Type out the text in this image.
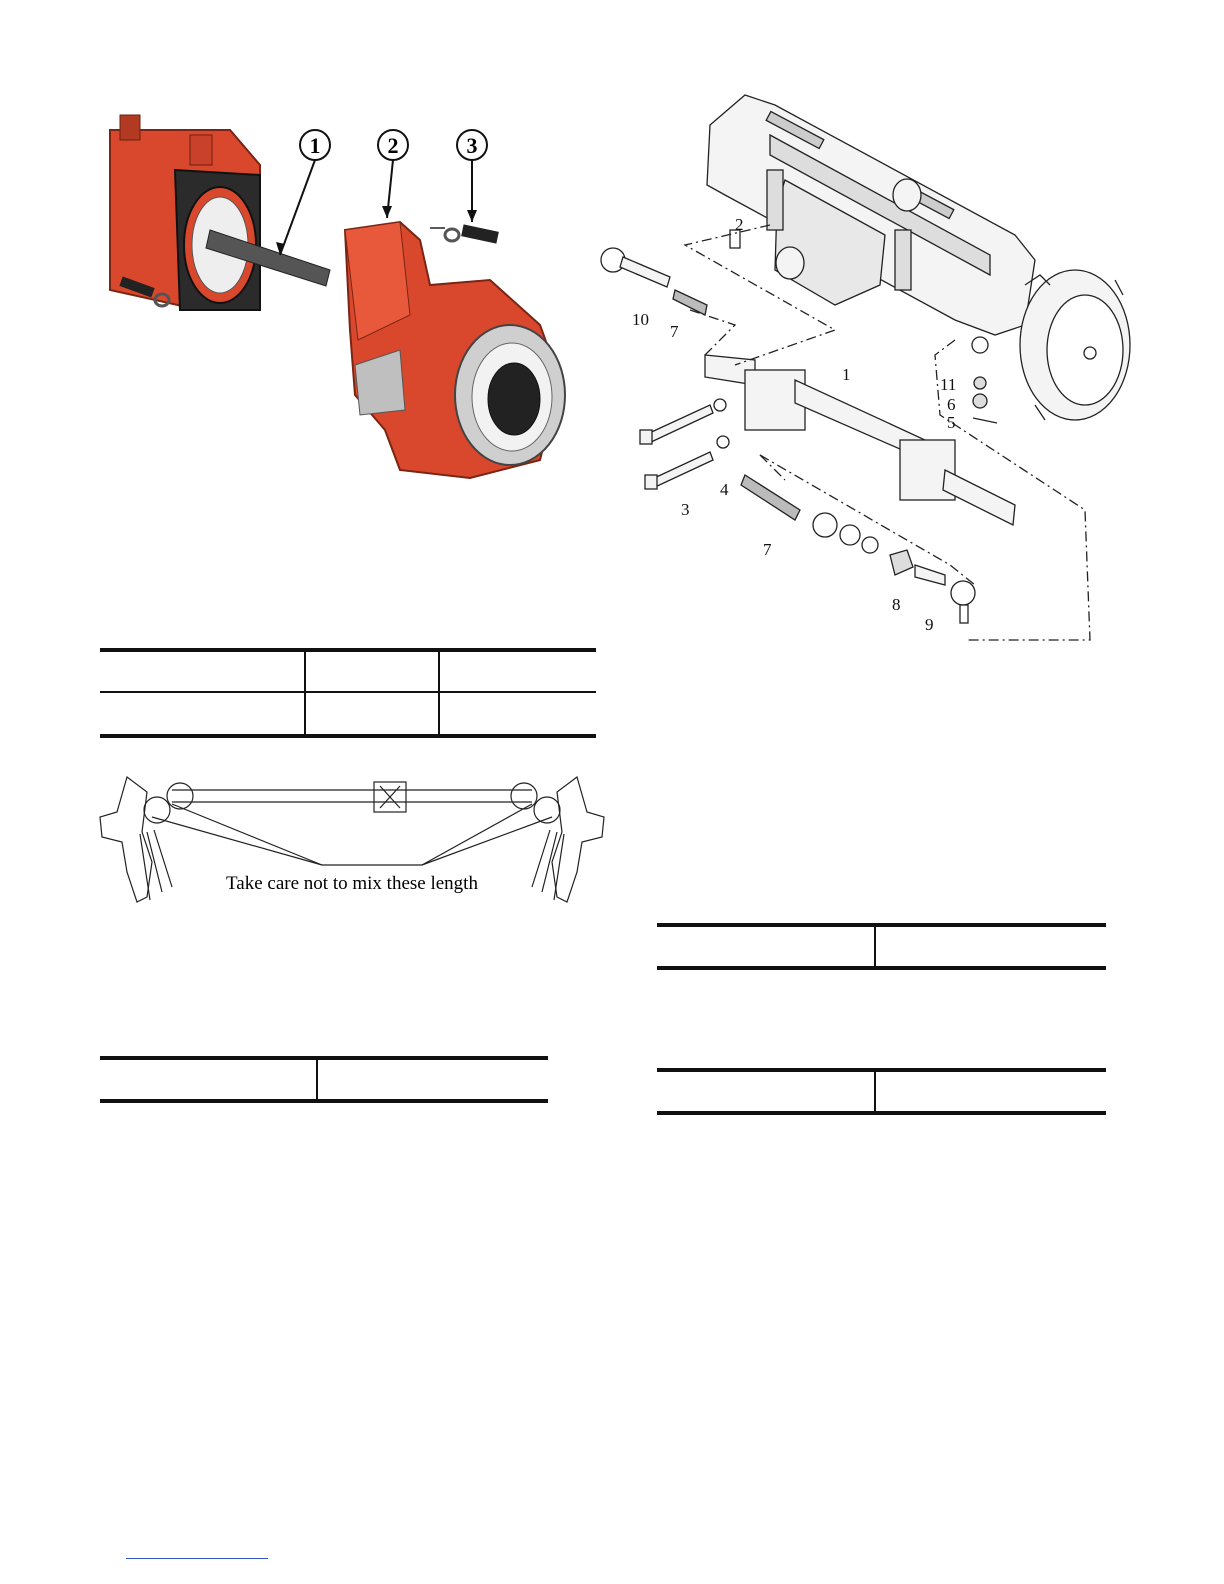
1	2	3
Take care not to mix these length
1
2
3
4
5
6
7
7
8
9
10
11
